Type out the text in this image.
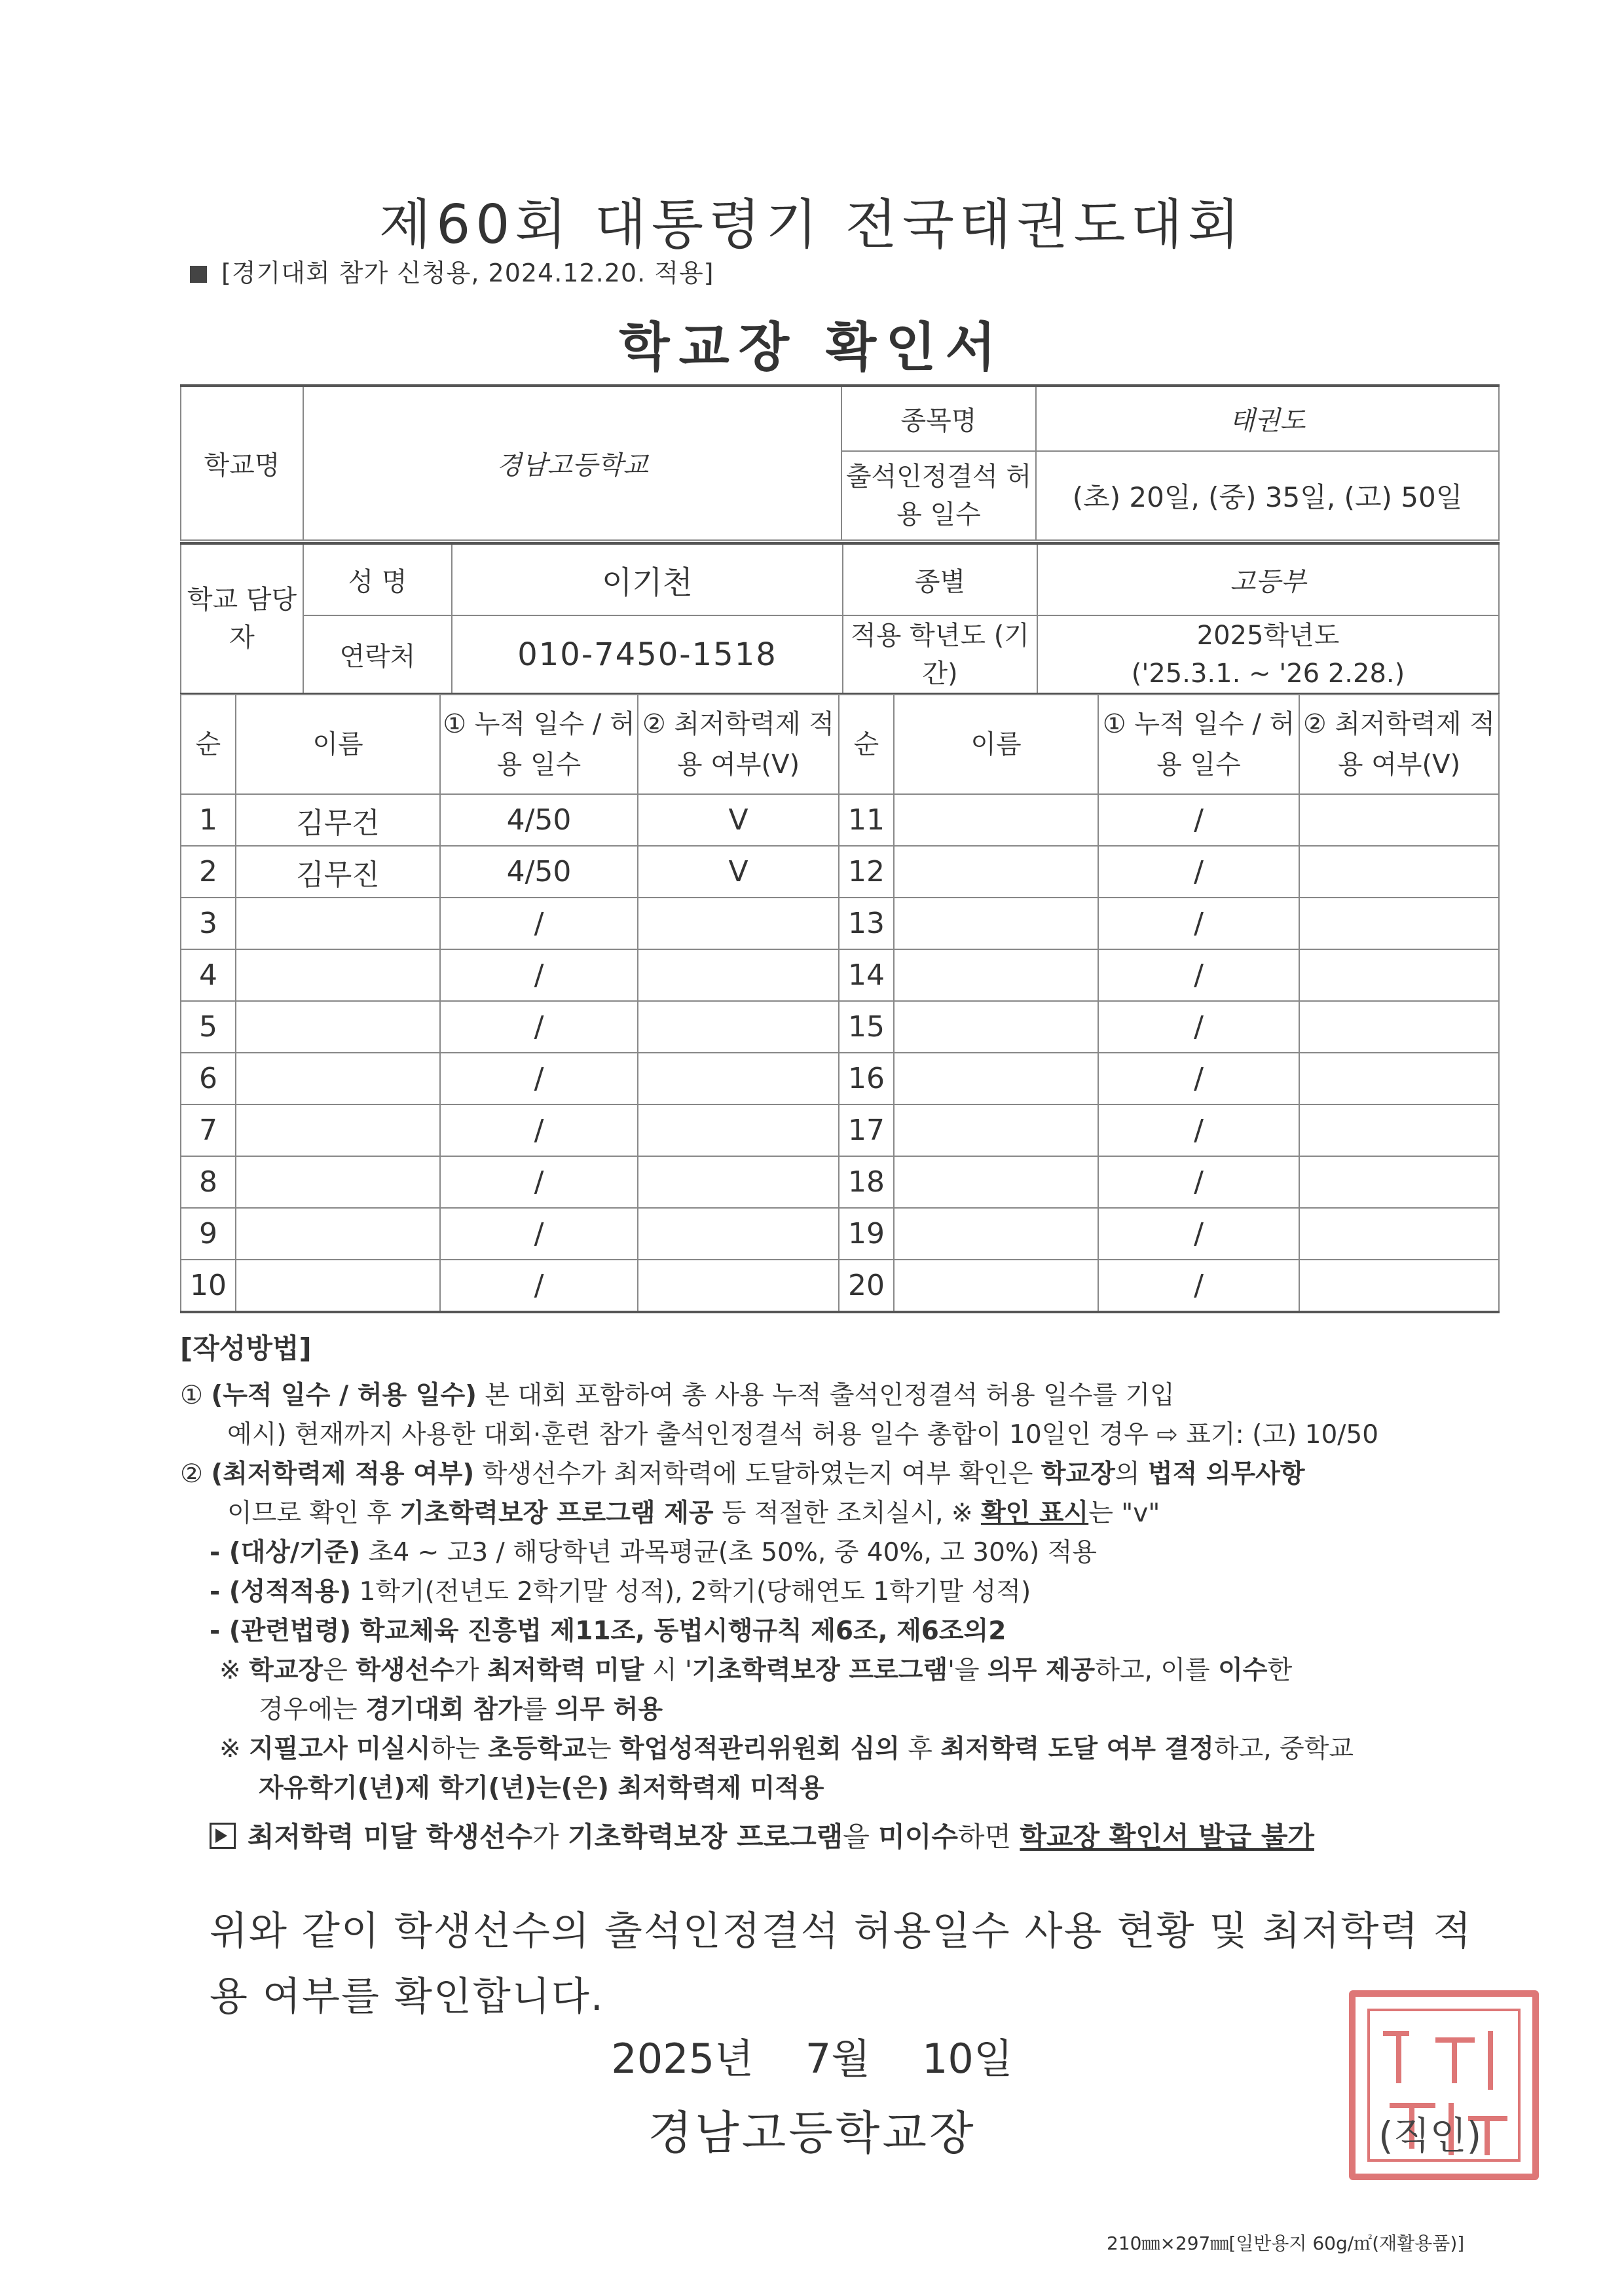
제60회 대통령기 전국태권도대회
[경기대회 참가 신청용, 2024.12.20. 적용]
학교장 확인서
학교명	경남고등학교	종목명	태권도
		출석인정결석 허용 일수	(초) 20일, (중) 35일, (고) 50일
학교 담당자	성 명	이기천	종별	고등부
	연락처	010-7450-1518	적용 학년도 (기간)	2025학년도
('25.3.1. ~ '26 2.28.)
순	이름	① 누적 일수 / 허용 일수	② 최저학력제 적용 여부(V)	순	이름	① 누적 일수 / 허용 일수	② 최저학력제 적용 여부(V)
1	김무건	4/50	V	11		/	
2	김무진	4/50	V	12		/	
3		/		13		/	
4		/		14		/	
5		/		15		/	
6		/		16		/	
7		/		17		/	
8		/		18		/	
9		/		19		/	
10		/		20		/	
[작성방법]
① (누적 일수 / 허용 일수) 본 대회 포함하여 총 사용 누적 출석인정결석 허용 일수를 기입
예시) 현재까지 사용한 대회·훈련 참가 출석인정결석 허용 일수 총합이 10일인 경우 ⇨ 표기: (고) 10/50
② (최저학력제 적용 여부) 학생선수가 최저학력에 도달하였는지 여부 확인은 학교장의 법적 의무사항
이므로 확인 후 기초학력보장 프로그램 제공 등 적절한 조치실시, ※ 확인 표시는 "v"
- (대상/기준) 초4 ~ 고3 / 해당학년 과목평균(초 50%, 중 40%, 고 30%) 적용
- (성적적용) 1학기(전년도 2학기말 성적), 2학기(당해연도 1학기말 성적)
- (관련법령) 학교체육 진흥법 제11조, 동법시행규칙 제6조, 제6조의2
※ 학교장은 학생선수가 최저학력 미달 시 '기초학력보장 프로그램'을 의무 제공하고, 이를 이수한
경우에는 경기대회 참가를 의무 허용
※ 지필고사 미실시하는 초등학교는 학업성적관리위원회 심의 후 최저학력 도달 여부 결정하고, 중학교
자유학기(년)제 학기(년)는(은) 최저학력제 미적용
최저학력 미달 학생선수가 기초학력보장 프로그램을 미이수하면 학교장 확인서 발급 불가
위와 같이 학생선수의 출석인정결석 허용일수 사용 현황 및 최저학력 적용 여부를 확인합니다.
2025년    7월    10일
경남고등학교장	(직인)
210㎜×297㎜[일반용지 60g/㎡(재활용품)]
